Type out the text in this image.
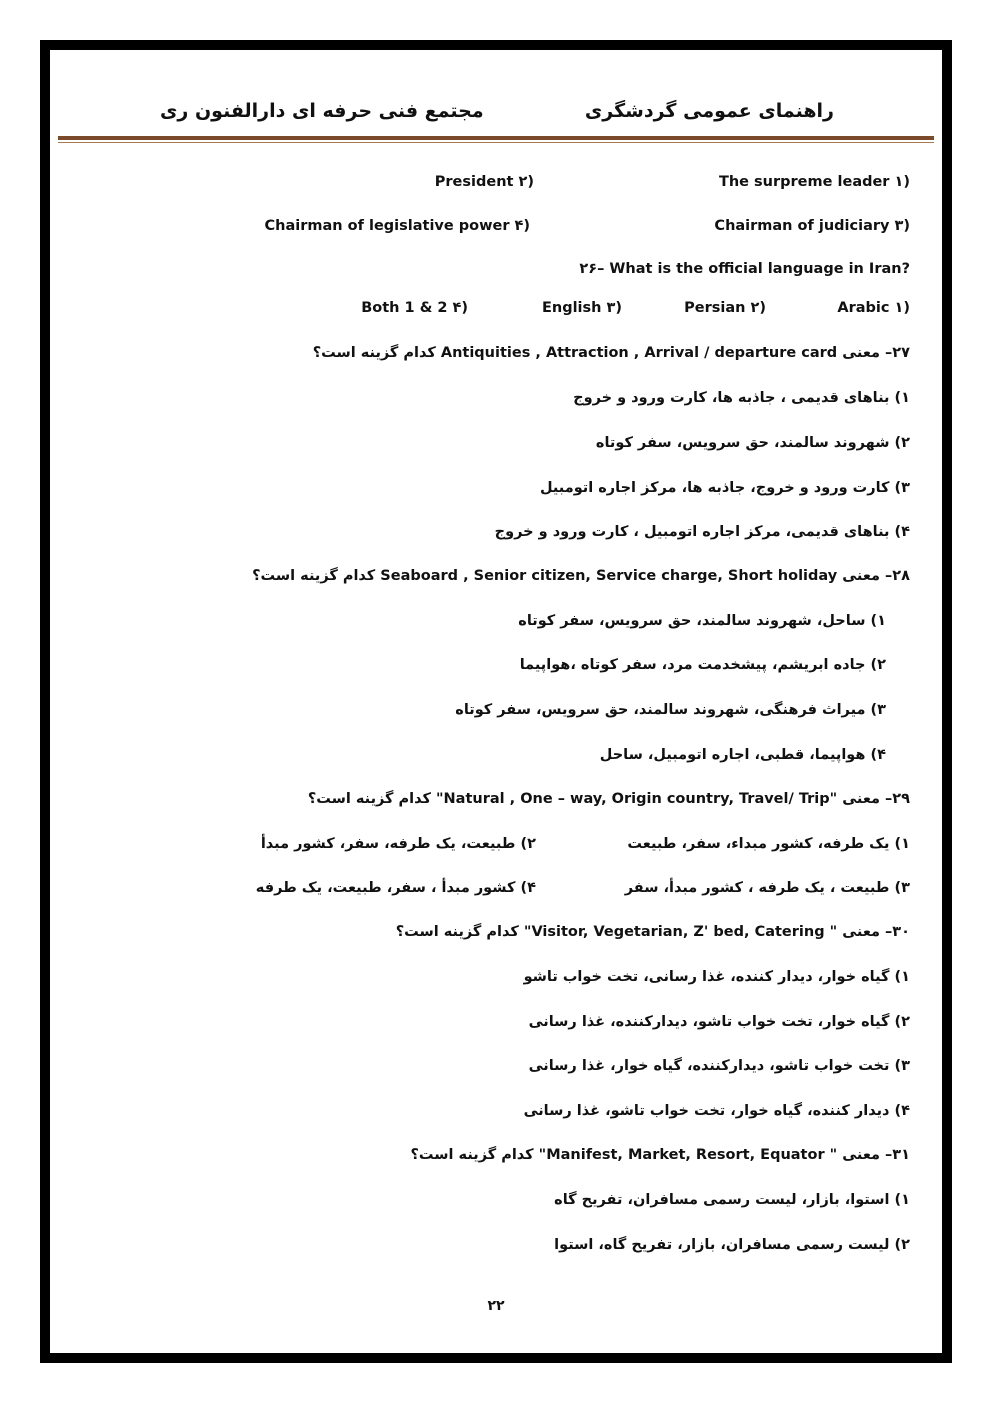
راهنمای عمومی گردشگری
مجتمع فنی حرفه ای دارالفنون ری
The surpreme leader ۱)
President ۲)
Chairman of judiciary ۳)
Chairman of legislative power ۴)
۲۶– What is the official language in Iran?
Arabic ۱)
Persian ۲)
English ۳)
Both 1 & 2 ۴)
۲۷– معنی Antiquities , Attraction , Arrival / departure card کدام گزینه است؟
۱) بناهای قدیمی ، جاذبه ها، کارت ورود و خروج
۲) شهروند سالمند، حق سرویس، سفر کوتاه
۳) کارت ورود و خروج، جاذبه ها، مرکز اجاره اتومبیل
۴) بناهای قدیمی، مرکز اجاره اتومبیل ، کارت ورود و خروج
۲۸– معنی Seaboard , Senior citizen, Service charge, Short holiday کدام گزینه است؟
۱) ساحل، شهروند سالمند، حق سرویس، سفر کوتاه
۲) جاده ابریشم، پیشخدمت مرد، سفر کوتاه ،هواپیما
۳) میراث فرهنگی، شهروند سالمند، حق سرویس، سفر کوتاه
۴) هواپیما، قطبی، اجاره اتومبیل، ساحل
۲۹– معنی "Natural , One – way, Origin country, Travel/ Trip" کدام گزینه است؟
۱) یک طرفه، کشور مبداء، سفر، طبیعت
۲) طبیعت، یک طرفه، سفر، کشور مبدأ
۳) طبیعت ، یک طرفه ، کشور مبدأ، سفر
۴) کشور مبدأ ، سفر، طبیعت، یک طرفه
۳۰– معنی " Visitor, Vegetarian, Z' bed, Catering" کدام گزینه است؟
۱) گیاه خوار، دیدار کننده، غذا رسانی، تخت خواب تاشو
۲) گیاه خوار، تخت خواب تاشو، دیدارکننده، غذا رسانی
۳) تخت خواب تاشو، دیدارکننده، گیاه خوار، غذا رسانی
۴) دیدار کننده، گیاه خوار، تخت خواب تاشو، غذا رسانی
۳۱– معنی " Manifest, Market, Resort, Equator" کدام گزینه است؟
۱) استوا، بازار، لیست رسمی مسافران، تفریح گاه
۲) لیست رسمی مسافران، بازار، تفریح گاه، استوا
۲۲
